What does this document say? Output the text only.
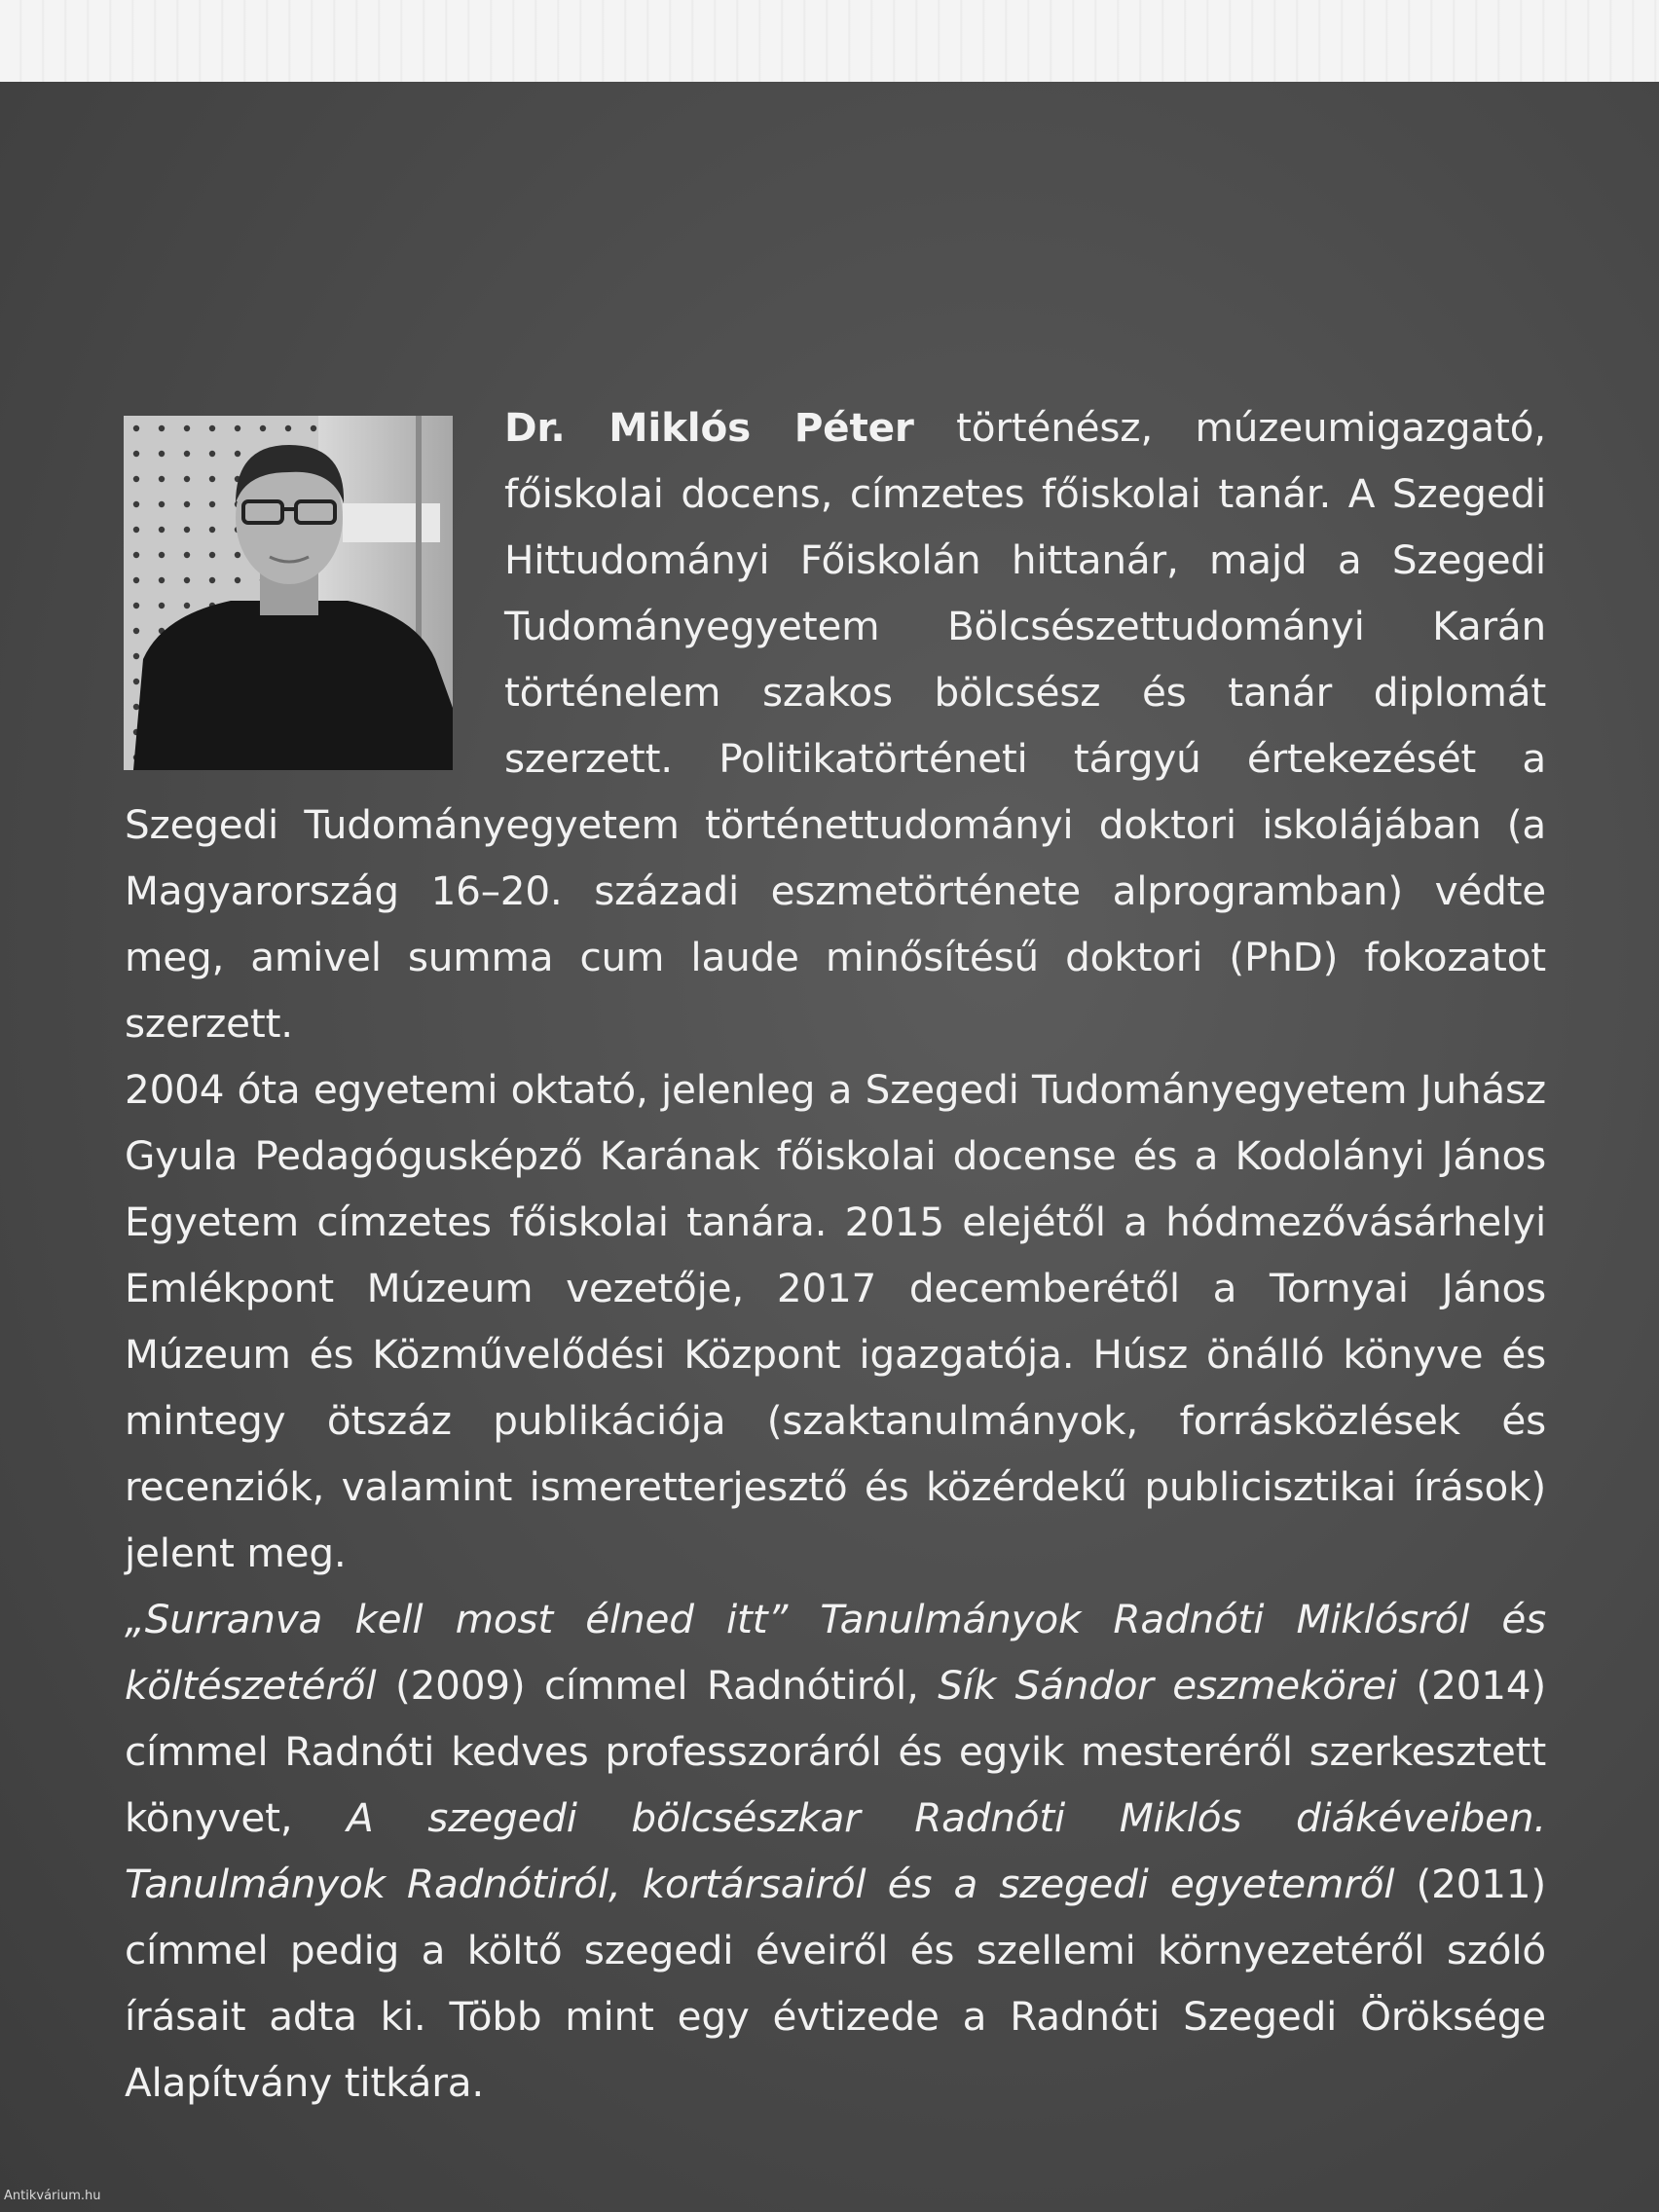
Dr. Miklós Péter történész, múzeumigazgató, főiskolai docens, címzetes főiskolai tanár. A Szegedi Hittudományi Főiskolán hittanár, majd a Szegedi Tudományegyetem Bölcsészettudományi Karán történelem szakos bölcsész és tanár diplomát szerzett. Politikatörténeti tárgyú értekezését a Szegedi Tudományegyetem történettudományi doktori iskolájában (a Magyarország 16–20. századi eszmetörténete alprogramban) védte meg, amivel summa cum laude minősítésű doktori (PhD) fokozatot szerzett.

2004 óta egyetemi oktató, jelenleg a Szegedi Tudományegyetem Juhász Gyula Pedagógusképző Karának főiskolai docense és a Kodolányi János Egyetem címzetes főiskolai tanára. 2015 elejétől a hódmezővásárhelyi Emlékpont Múzeum vezetője, 2017 decemberétől a Tornyai János Múzeum és Közművelődési Központ igazgatója. Húsz önálló könyve és mintegy ötszáz publikációja (szaktanulmányok, forrásközlések és recenziók, valamint ismeretterjesztő és közérdekű publicisztikai írások) jelent meg.

„Surranva kell most élned itt” Tanulmányok Radnóti Miklósról és költészetéről (2009) címmel Radnótiról, Sík Sándor eszmekörei (2014) címmel Radnóti kedves professzoráról és egyik mesteréről szerkesztett könyvet, A szegedi bölcsészkar Radnóti Miklós diákéveiben. Tanulmányok Radnótiról, kortársairól és a szegedi egyetemről (2011) címmel pedig a költő szegedi éveiről és szellemi környezetéről szóló írásait adta ki. Több mint egy évtizede a Radnóti Szegedi Öröksége Alapítvány titkára.

Antikvárium.hu
